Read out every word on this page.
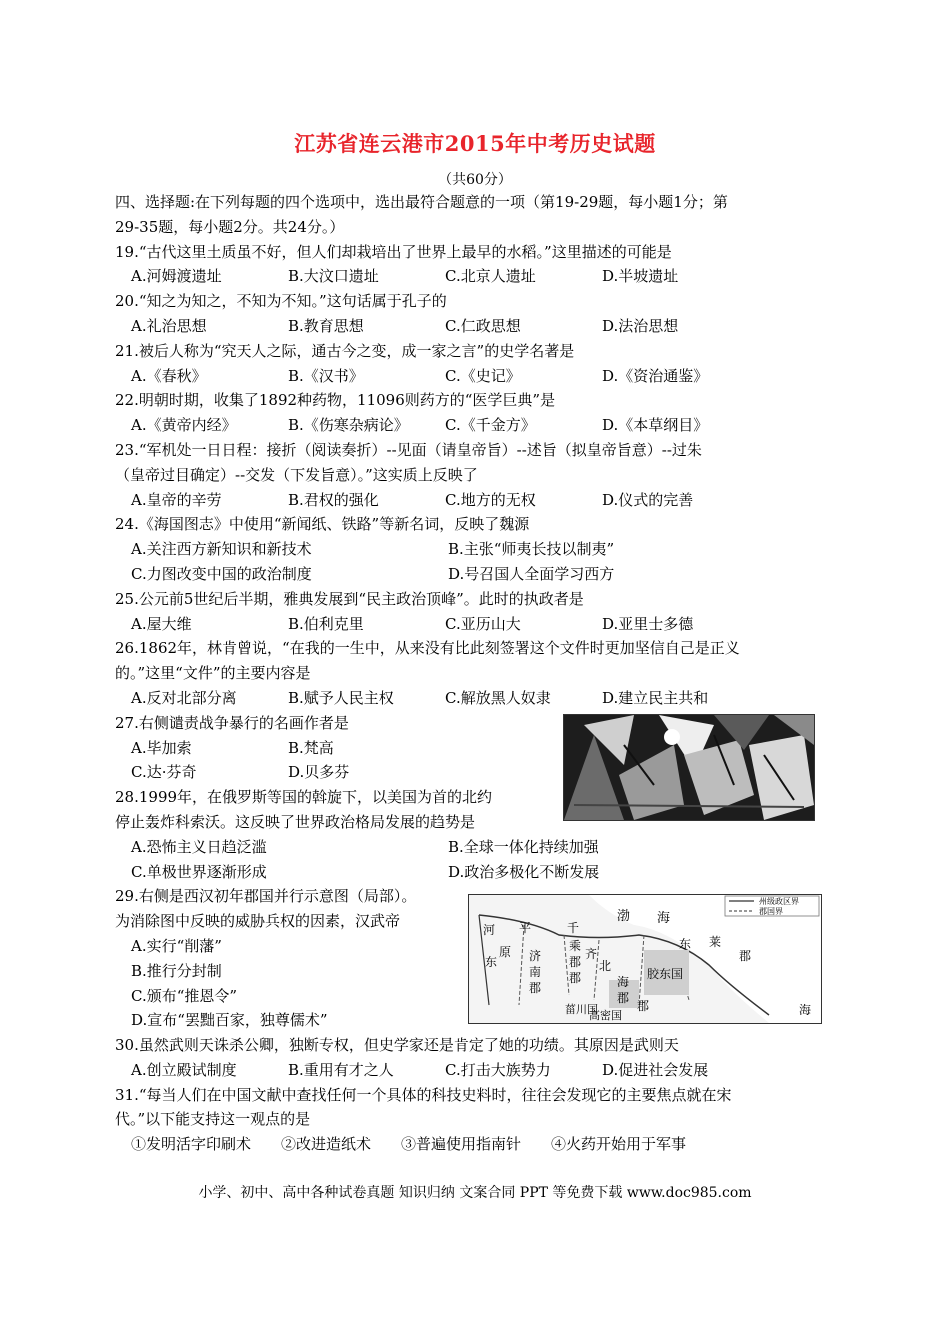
江苏省连云港市2015年中考历史试题
（共60分）
四、选择题:在下列每题的四个选项中，选出最符合题意的一项（第19-29题，每小题1分；第
29-35题，每小题2分。共24分。）
19.“古代这里土质虽不好，但人们却栽培出了世界上最早的水稻。”这里描述的可能是
A.河姆渡遗址	B.大汶口遗址	C.北京人遗址	D.半坡遗址
20.“知之为知之，不知为不知。”这句话属于孔子的
A.礼治思想	B.教育思想	C.仁政思想	D.法治思想
21.被后人称为“究天人之际，通古今之变，成一家之言”的史学名著是
A.《春秋》	B.《汉书》	C.《史记》	D.《资治通鉴》
22.明朝时期，收集了1892种药物，11096则药方的“医学巨典”是
A.《黄帝内经》	B.《伤寒杂病论》 C.《千金方》	D.《本草纲目》
23.“军机处一日日程：接折（阅读奏折）--见面（请皇帝旨）--述旨（拟皇帝旨意）--过朱
（皇帝过目确定）--交发（下发旨意）。”这实质上反映了
A.皇帝的辛劳	B.君权的强化	C.地方的无权	D.仪式的完善
24.《海国图志》中使用“新闻纸、铁路”等新名词，反映了魏源
A.关注西方新知识和新技术	B.主张“师夷长技以制夷”
C.力图改变中国的政治制度	D.号召国人全面学习西方
25.公元前5世纪后半期，雅典发展到“民主政治顶峰”。此时的执政者是
A.屋大维	B.伯利克里	C.亚历山大	D.亚里士多德
26.1862年，林肯曾说，“在我的一生中，从来没有比此刻签署这个文件时更加坚信自己是正义
的。”这里“文件”的主要内容是
A.反对北部分离	B.赋予人民主权	C.解放黑人奴隶	D.建立民主共和
27.右侧谴责战争暴行的名画作者是
A.毕加索	B.梵高
C.达·芬奇	D.贝多芬
28.1999年，在俄罗斯等国的斡旋下，以美国为首的北约
停止轰炸科索沃。这反映了世界政治格局发展的趋势是
A.恐怖主义日趋泛滥	B.全球一体化持续加强
C.单极世界逐渐形成	D.政治多极化不断发展
29.右侧是西汉初年郡国并行示意图（局部）。
为消除图中反映的威胁兵权的因素，汉武帝
A.实行“削藩”
B.推行分封制
C.颁布“推恩令”
D.宣布“罢黜百家，独尊儒术”
30.虽然武则天诛杀公卿，独断专权，但史学家还是肯定了她的功绩。其原因是武则天
A.创立殿试制度	B.重用有才之人	C.打击大族势力	D.促进社会发展
31.“每当人们在中国文献中查找任何一个具体的科技史料时，往往会发现它的主要焦点就在宋
代。”以下能支持这一观点的是
①发明活字印刷术　　②改进造纸术　　③普遍使用指南针　　④火药开始用于军事
州级政区界
郡国界
渤 海
平	千
乘
郡
河
原
东	济
南
郡
齐
郡
北
海
郡
胶东国
莱
郡
东
海
菑川国
高密国
郡
小学、初中、高中各种试卷真题 知识归纳 文案合同 PPT 等免费下载 www.doc985.com
